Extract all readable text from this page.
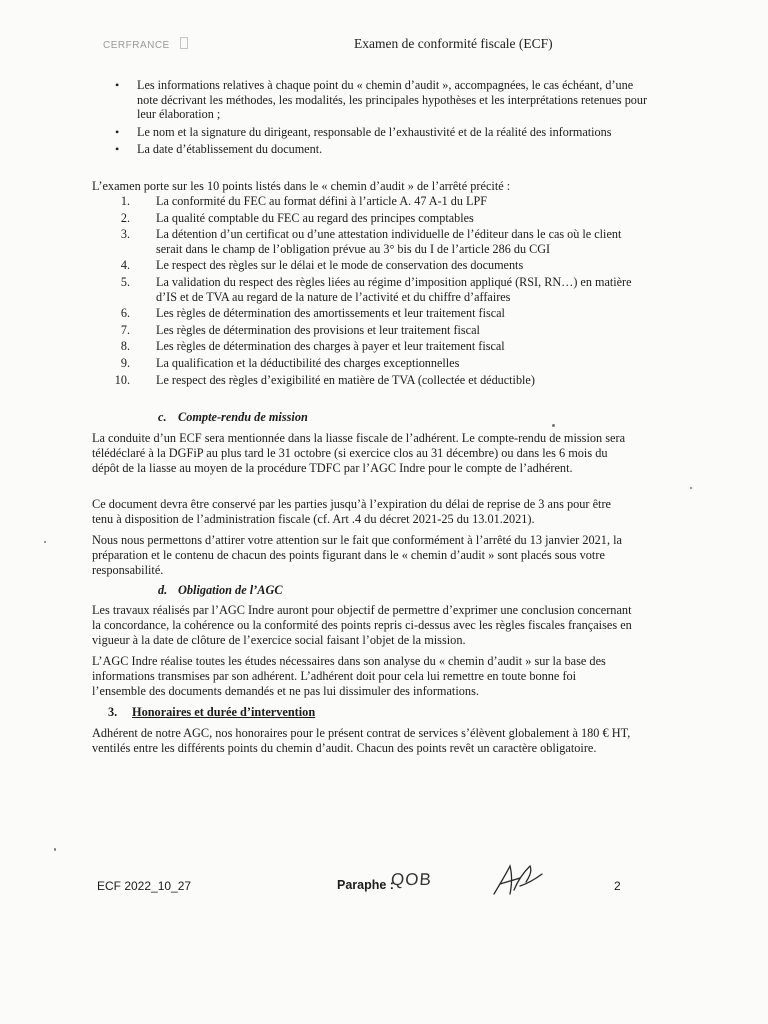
CERFRANCE	Examen de conformité fiscale (ECF)
• Les informations relatives à chaque point du « chemin d’audit », accompagnées, le cas échéant, d’une note décrivant les méthodes, les modalités, les principales hypothèses et les interprétations retenues pour leur élaboration ;
• Le nom et la signature du dirigeant, responsable de l’exhaustivité et de la réalité des informations
• La date d’établissement du document.

L’examen porte sur les 10 points listés dans le « chemin d’audit » de l’arrêté précité :

1. La conformité du FEC au format défini à l’article A. 47 A-1 du LPF
2. La qualité comptable du FEC au regard des principes comptables
3. La détention d’un certificat ou d’une attestation individuelle de l’éditeur dans le cas où le client serait dans le champ de l’obligation prévue au 3° bis du I de l’article 286 du CGI
4. Le respect des règles sur le délai et le mode de conservation des documents
5. La validation du respect des règles liées au régime d’imposition appliqué (RSI, RN…) en matière d’IS et de TVA au regard de la nature de l’activité et du chiffre d’affaires
6. Les règles de détermination des amortissements et leur traitement fiscal
7. Les règles de détermination des provisions et leur traitement fiscal
8. Les règles de détermination des charges à payer et leur traitement fiscal
9. La qualification et la déductibilité des charges exceptionnelles
10. Le respect des règles d’exigibilité en matière de TVA (collectée et déductible)
c. Compte-rendu de mission

La conduite d’un ECF sera mentionnée dans la liasse fiscale de l’adhérent. Le compte-rendu de mission sera télédéclaré à la DGFiP au plus tard le 31 octobre (si exercice clos au 31 décembre) ou dans les 6 mois du dépôt de la liasse au moyen de la procédure TDFC par l’AGC Indre pour le compte de l’adhérent.

Ce document devra être conservé par les parties jusqu’à l’expiration du délai de reprise de 3 ans pour être tenu à disposition de l’administration fiscale (cf. Art .4 du décret 2021-25 du 13.01.2021).

Nous nous permettons d’attirer votre attention sur le fait que conformément à l’arrêté du 13 janvier 2021, la préparation et le contenu de chacun des points figurant dans le « chemin d’audit » sont placés sous votre responsabilité.

d. Obligation de l’AGC

Les travaux réalisés par l’AGC Indre auront pour objectif de permettre d’exprimer une conclusion concernant la concordance, la cohérence ou la conformité des points repris ci-dessus avec les règles fiscales françaises en vigueur à la date de clôture de l’exercice social faisant l’objet de la mission.

L’AGC Indre réalise toutes les études nécessaires dans son analyse du « chemin d’audit » sur la base des informations transmises par son adhérent. L’adhérent doit pour cela lui remettre en toute bonne foi l’ensemble des documents demandés et ne pas lui dissimuler des informations.

3. Honoraires et durée d’intervention

Adhérent de notre AGC, nos honoraires pour le présent contrat de services s’élèvent globalement à 180 € HT, ventilés entre les différents points du chemin d’audit. Chacun des points revêt un caractère obligatoire.

ECF 2022_10_27	Paraphe :
QOB	2
